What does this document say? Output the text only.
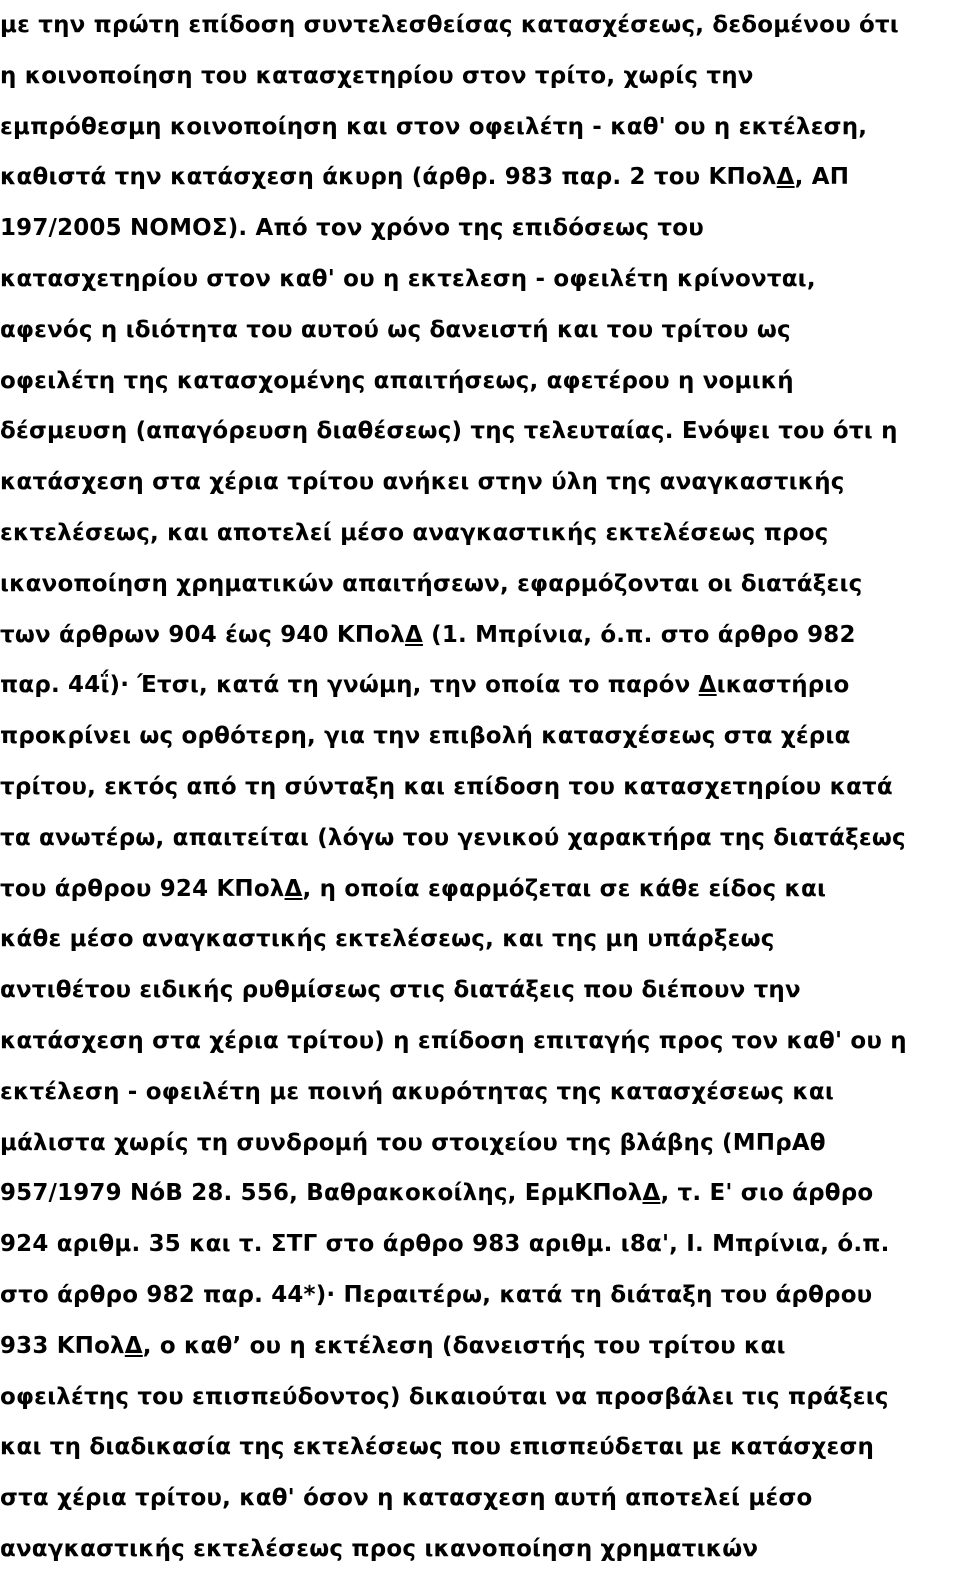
με την πρώτη επίδοση συντελεσθείσας κατασχέσεως, δεδομένου ότι
η κοινοποίηση του κατασχετηρίου στον τρίτο, χωρίς την
εμπρόθεσμη κοινοποίηση και στον οφειλέτη - καθ' ου η εκτέλεση,
καθιστά την κατάσχεση άκυρη (άρθρ. 983 παρ. 2 του ΚΠολΔ, ΑΠ
197/2005 ΝΟΜΟΣ). Από τον χρόνο της επιδόσεως του
κατασχετηρίου στον καθ' ου η εκτελεση - οφειλέτη κρίνονται,
αφενός η ιδιότητα του αυτού ως δανειστή και του τρίτου ως
οφειλέτη της κατασχομένης απαιτήσεως, αφετέρου η νομική
δέσμευση (απαγόρευση διαθέσεως) της τελευταίας. Ενόψει του ότι η
κατάσχεση στα χέρια τρίτου ανήκει στην ύλη της αναγκαστικής
εκτελέσεως, και αποτελεί μέσο αναγκαστικής εκτελέσεως προς
ικανοποίηση χρηματικών απαιτήσεων, εφαρμόζονται οι διατάξεις
των άρθρων 904 έως 940 ΚΠολΔ (1. Μπρίνια, ό.π. στο άρθρο 982
παρ. 44ΐ)· Έτσι, κατά τη γνώμη, την οποία το παρόν Δικαστήριο
προκρίνει ως ορθότερη, για την επιβολή κατασχέσεως στα χέρια
τρίτου, εκτός από τη σύνταξη και επίδοση του κατασχετηρίου κατά
τα ανωτέρω, απαιτείται (λόγω του γενικού χαρακτήρα της διατάξεως
του άρθρου 924 ΚΠολΔ, η οποία εφαρμόζεται σε κάθε είδος και
κάθε μέσο αναγκαστικής εκτελέσεως, και της μη υπάρξεως
αντιθέτου ειδικής ρυθμίσεως στις διατάξεις που διέπουν την
κατάσχεση στα χέρια τρίτου) η επίδοση επιταγής προς τον καθ' ου η
εκτέλεση - οφειλέτη με ποινή ακυρότητας της κατασχέσεως και
μάλιστα χωρίς τη συνδρομή του στοιχείου της βλάβης (ΜΠρΑθ
957/1979 ΝόΒ 28. 556, Βαθρακοκοίλης, ΕρμΚΠολΔ, τ. Ε' σιο άρθρο
924 αριθμ. 35 και τ. ΣΤΓ στο άρθρο 983 αριθμ. ι8α', Ι. Μπρίνια, ό.π.
στο άρθρο 982 παρ. 44*)· Περαιτέρω, κατά τη διάταξη του άρθρου
933 ΚΠολΔ, ο καθ’ ου η εκτέλεση (δανειστής του τρίτου και
οφειλέτης του επισπεύδοντος) δικαιούται να προσβάλει τις πράξεις
και τη διαδικασία της εκτελέσεως που επισπεύδεται με κατάσχεση
στα χέρια τρίτου, καθ' όσον η κατασχεση αυτή αποτελεί μέσο
αναγκαστικής εκτελέσεως προς ικανοποίηση χρηματικών
